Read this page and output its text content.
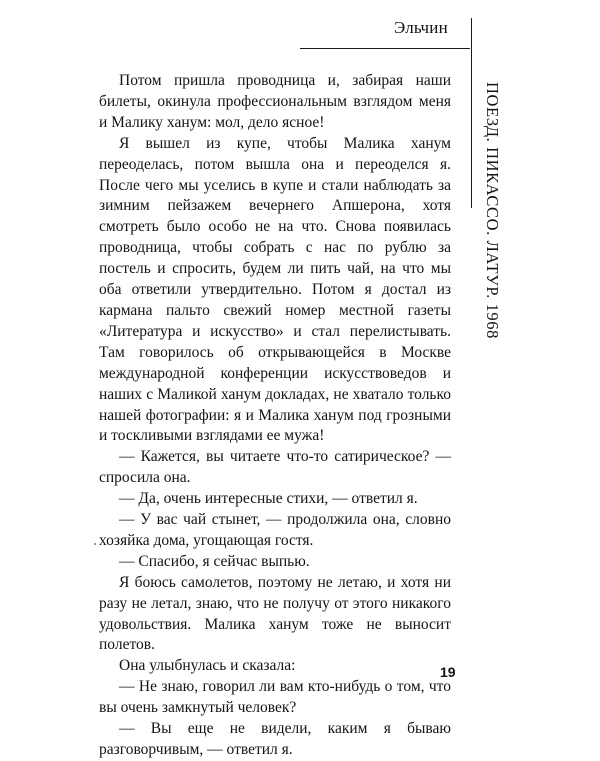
Эльчин
ПОЕЗД. ПИКАССО. ЛАТУР. 1968

Потом пришла проводница и, забирая наши билеты, окинула профессиональным взглядом меня и Малику ханум: мол, дело ясное!

Я вышел из купе, чтобы Малика ханум переоделась, потом вышла она и переоделся я. После чего мы уселись в купе и стали наблюдать за зимним пейзажем вечернего Апшерона, хотя смотреть было особо не на что. Снова появилась проводница, чтобы собрать с нас по рублю за постель и спросить, будем ли пить чай, на что мы оба ответили утвердительно. Потом я достал из кармана пальто свежий номер местной газеты «Литература и искусство» и стал перелистывать. Там говорилось об открывающейся в Москве международной конференции искусствоведов и наших с Маликой ханум докладах, не хватало только нашей фотографии: я и Малика ханум под грозными и тоскливыми взглядами ее мужа!

— Кажется, вы читаете что-то сатирическое? — спросила она.

— Да, очень интересные стихи, — ответил я.

— У вас чай стынет, — продолжила она, словно хозяйка дома, угощающая гостя.

— Спасибо, я сейчас выпью.

Я боюсь самолетов, поэтому не летаю, и хотя ни разу не летал, знаю, что не получу от этого никакого удовольствия. Малика ханум тоже не выносит полетов.

Она улыбнулась и сказала:

— Не знаю, говорил ли вам кто-нибудь о том, что вы очень замкнутый человек?

— Вы еще не видели, каким я бываю разговорчивым, — ответил я.

19
